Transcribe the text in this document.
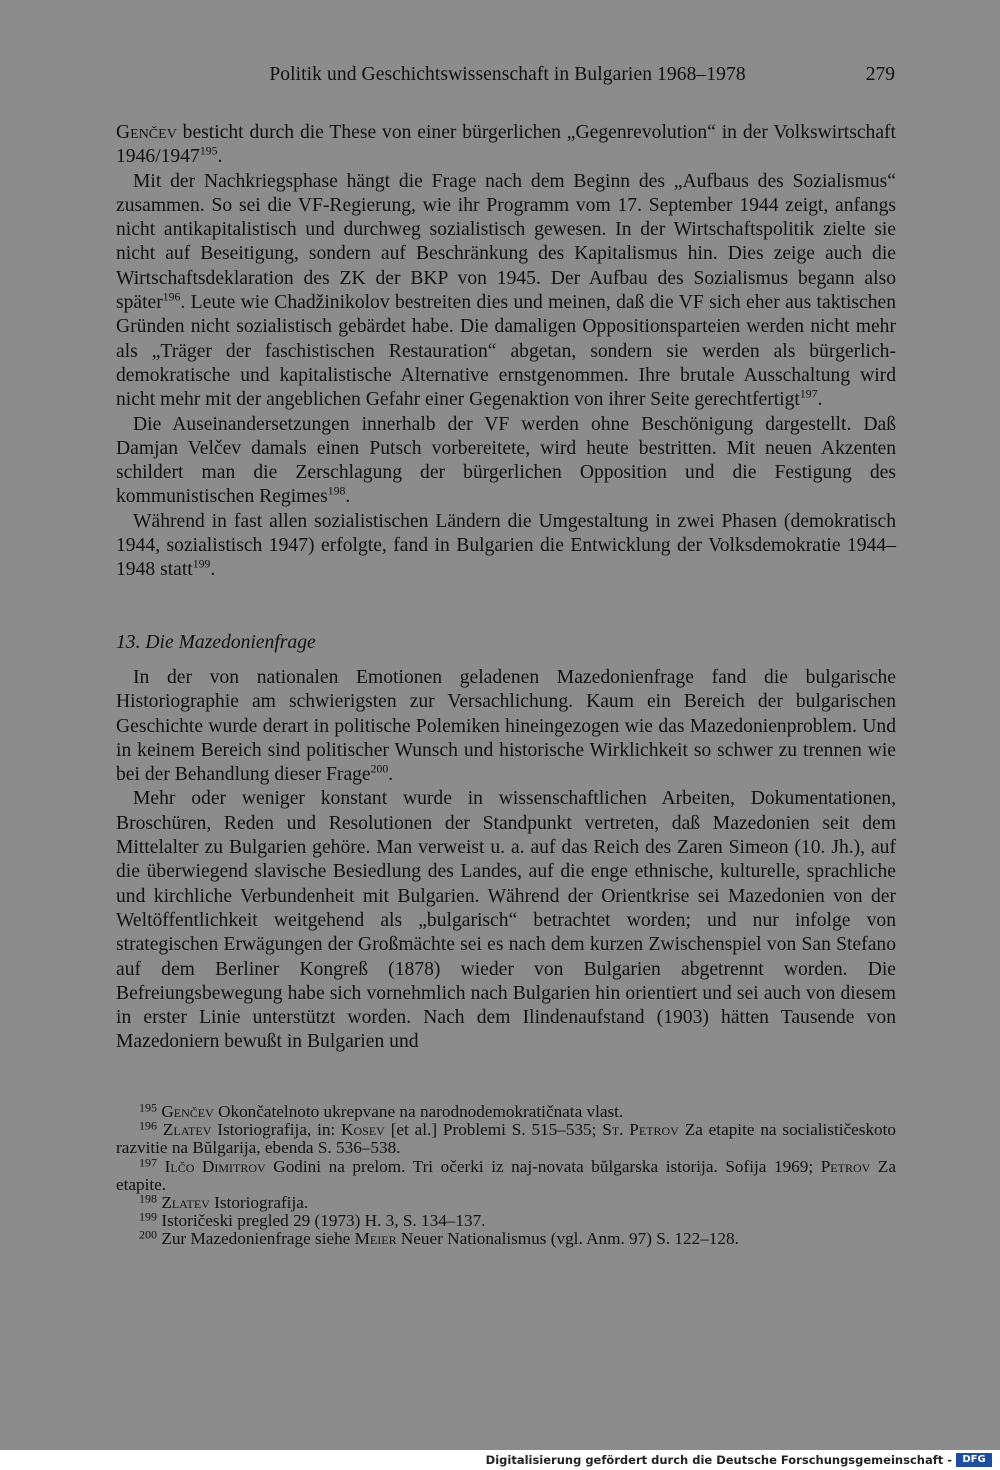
Politik und Geschichtswissenschaft in Bulgarien 1968–1978	279

Genčev besticht durch die These von einer bürgerlichen „Gegenrevolution“ in der Volkswirtschaft 1946/1947$^{195}$.

Mit der Nachkriegsphase hängt die Frage nach dem Beginn des „Aufbaus des Sozialismus“ zusammen. So sei die VF-Regierung, wie ihr Programm vom 17. September 1944 zeigt, anfangs nicht antikapitalistisch und durchweg sozialistisch gewesen. In der Wirtschaftspolitik zielte sie nicht auf Beseitigung, sondern auf Beschränkung des Kapitalismus hin. Dies zeige auch die Wirtschaftsdeklaration des ZK der BKP von 1945. Der Aufbau des Sozialismus begann also später$^{196}$. Leute wie Chadžinikolov bestreiten dies und meinen, daß die VF sich eher aus taktischen Gründen nicht sozialistisch gebärdet habe. Die damaligen Oppositionsparteien werden nicht mehr als „Träger der faschistischen Restauration“ abgetan, sondern sie werden als bürgerlich-demokratische und kapitalistische Alternative ernstgenommen. Ihre brutale Ausschaltung wird nicht mehr mit der angeblichen Gefahr einer Gegenaktion von ihrer Seite gerechtfertigt$^{197}$.

Die Auseinandersetzungen innerhalb der VF werden ohne Beschönigung dargestellt. Daß Damjan Velčev damals einen Putsch vorbereitete, wird heute bestritten. Mit neuen Akzenten schildert man die Zerschlagung der bürgerlichen Opposition und die Festigung des kommunistischen Regimes$^{198}$.

Während in fast allen sozialistischen Ländern die Umgestaltung in zwei Phasen (demokratisch 1944, sozialistisch 1947) erfolgte, fand in Bulgarien die Entwicklung der Volksdemokratie 1944–1948 statt$^{199}$.

13. Die Mazedonienfrage

In der von nationalen Emotionen geladenen Mazedonienfrage fand die bulgarische Historiographie am schwierigsten zur Versachlichung. Kaum ein Bereich der bulgarischen Geschichte wurde derart in politische Polemiken hineingezogen wie das Mazedonienproblem. Und in keinem Bereich sind politischer Wunsch und historische Wirklichkeit so schwer zu trennen wie bei der Behandlung dieser Frage$^{200}$.

Mehr oder weniger konstant wurde in wissenschaftlichen Arbeiten, Dokumentationen, Broschüren, Reden und Resolutionen der Standpunkt vertreten, daß Mazedonien seit dem Mittelalter zu Bulgarien gehöre. Man verweist u. a. auf das Reich des Zaren Simeon (10. Jh.), auf die überwiegend slavische Besiedlung des Landes, auf die enge ethnische, kulturelle, sprachliche und kirchliche Verbundenheit mit Bulgarien. Während der Orientkrise sei Mazedonien von der Weltöffentlichkeit weitgehend als „bulgarisch“ betrachtet worden; und nur infolge von strategischen Erwägungen der Großmächte sei es nach dem kurzen Zwischenspiel von San Stefano auf dem Berliner Kongreß (1878) wieder von Bulgarien abgetrennt worden. Die Befreiungsbewegung habe sich vornehmlich nach Bulgarien hin orientiert und sei auch von diesem in erster Linie unterstützt worden. Nach dem Ilindenaufstand (1903) hätten Tausende von Mazedoniern bewußt in Bulgarien und

$^{195}$ Genčev Okončatelnoto ukrepvane na narodnodemokratičnata vlast.

$^{196}$ Zlatev Istoriografija, in: Kosev [et al.] Problemi S. 515–535; St. Petrov Za etapite na socialističeskoto razvitie na Bŭlgarija, ebenda S. 536–538.

$^{197}$ Ilčo Dimitrov Godini na prelom. Tri očerki iz naj-novata bŭlgarska istorija. Sofija 1969; Petrov Za etapite.

$^{198}$ Zlatev Istoriografija.

$^{199}$ Istoričeski pregled 29 (1973) H. 3, S. 134–137.

$^{200}$ Zur Mazedonienfrage siehe Meier Neuer Nationalismus (vgl. Anm. 97) S. 122–128.

Digitalisierung gefördert durch die Deutsche Forschungsgemeinschaft -	DFG
